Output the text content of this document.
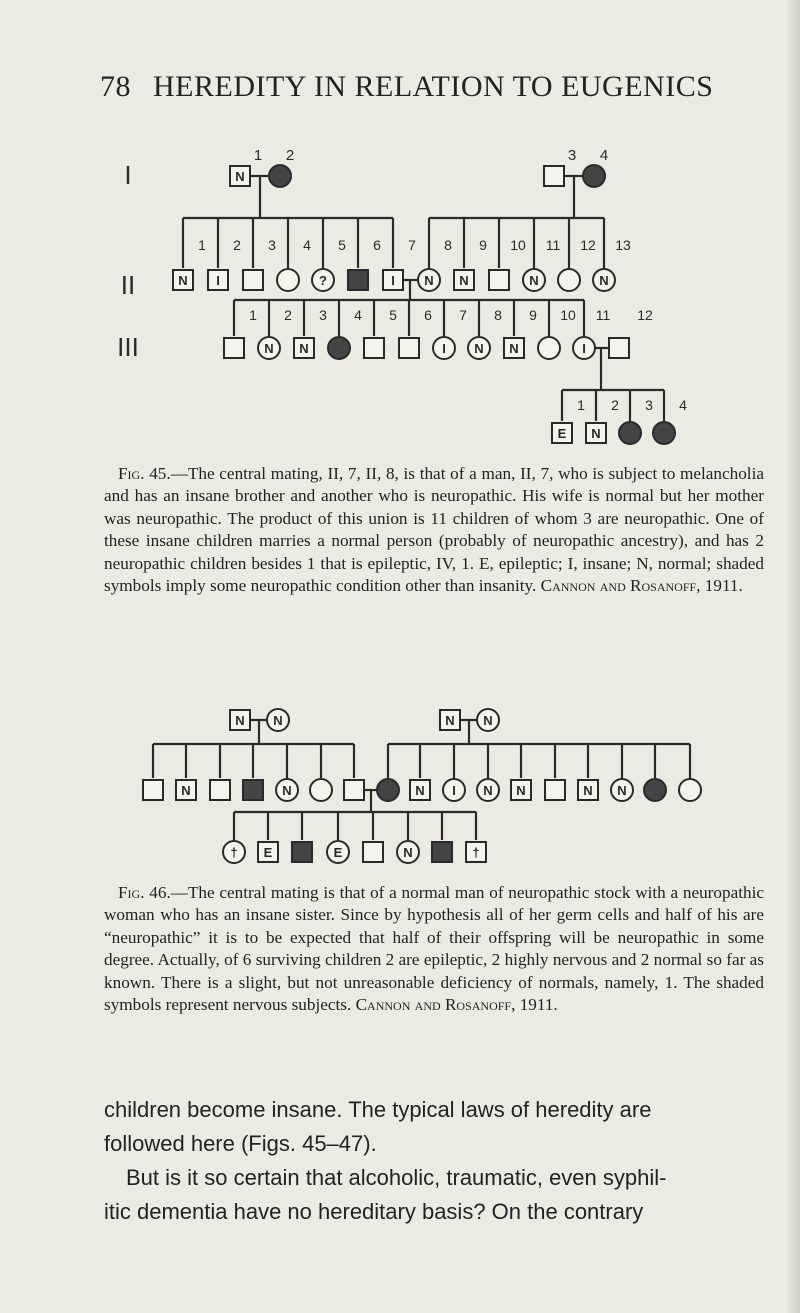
78 HEREDITY IN RELATION TO EUGENICS
I
II
III
N
1 2	3 4
N
1
I
2 3 4
?
5 6
I
7
N
8
N
9 10
N
11 12
N
13
1
N
2
N
3 4 5 6
I
7
N
8
N
9 10
I
11 12
E
1
N
2 3 4

Fig. 45.—The central mating, II, 7, II, 8, is that of a man, II, 7, who is subject to melancholia and has an insane brother and another who is neuropathic. His wife is normal but her mother was neuropathic. The product of this union is 11 children of whom 3 are neuropathic. One of these insane children marries a normal person (probably of neuropathic ancestry), and has 2 neuropathic children besides 1 that is epileptic, IV, 1. E, epileptic; I, insane; N, normal; shaded symbols imply some neuropathic condition other than insanity. Cannon and Rosanoff, 1911.

N N	N N
N	N	N I N N	N N
† E	E	N	†

Fig. 46.—The central mating is that of a normal man of neuropathic stock with a neuropathic woman who has an insane sister. Since by hypothesis all of her germ cells and half of his are “neuropathic” it is to be expected that half of their offspring will be neuropathic in some degree. Actually, of 6 surviving children 2 are epileptic, 2 highly nervous and 2 normal so far as known. There is a slight, but not unreasonable deficiency of normals, namely, 1. The shaded symbols represent nervous subjects. Cannon and Rosanoff, 1911.

children become insane. The typical laws of heredity are

followed here (Figs. 45–47).

But is it so certain that alcoholic, traumatic, even syphil-

itic dementia have no hereditary basis? On the contrary
